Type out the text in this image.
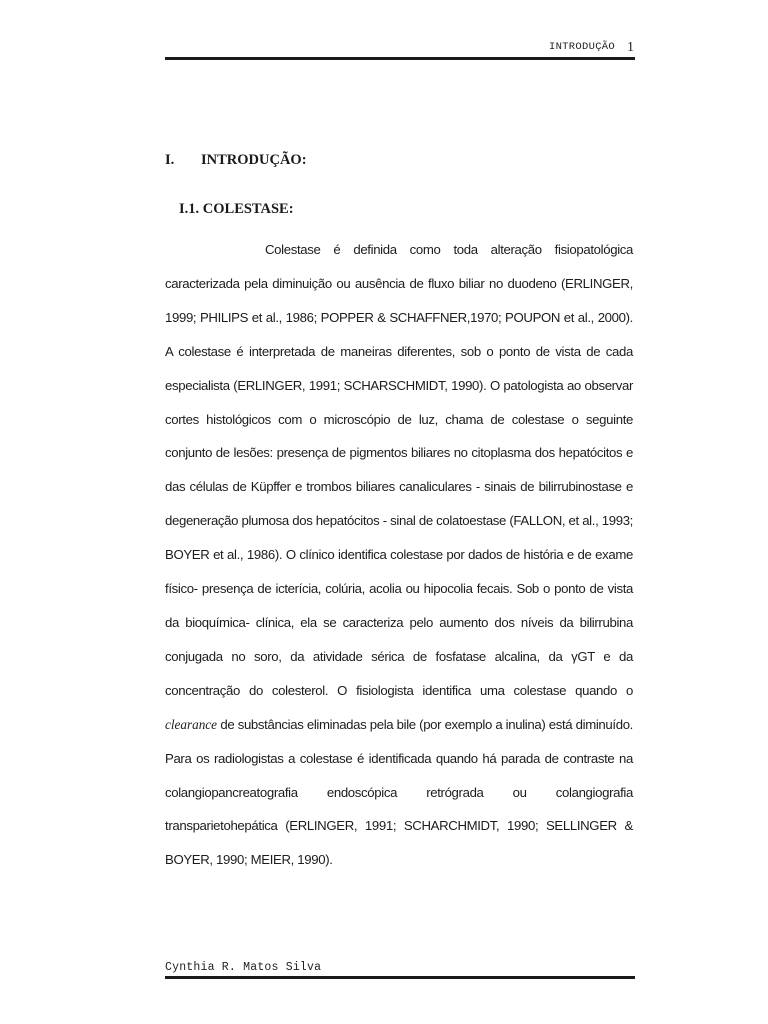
INTRODUÇÃO 1
I. INTRODUÇÃO:
I.1. COLESTASE:

Colestase é definida como toda alteração fisiopatológica caracterizada pela diminuição ou ausência de fluxo biliar no duodeno (ERLINGER, 1999; PHILIPS et al., 1986; POPPER & SCHAFFNER,1970; POUPON et al., 2000). A colestase é interpretada de maneiras diferentes, sob o ponto de vista de cada especialista (ERLINGER, 1991; SCHARSCHMIDT, 1990). O patologista ao observar cortes histológicos com o microscópio de luz, chama de colestase o seguinte conjunto de lesões: presença de pigmentos biliares no citoplasma dos hepatócitos e das células de Küpffer e trombos biliares canaliculares - sinais de bilirrubinostase e degeneração plumosa dos hepatócitos - sinal de colatoestase (FALLON, et al., 1993; BOYER et al., 1986). O clínico identifica colestase por dados de história e de exame físico- presença de icterícia, colúria, acolia ou hipocolia fecais. Sob o ponto de vista da bioquímica- clínica, ela se caracteriza pelo aumento dos níveis da bilirrubina conjugada no soro, da atividade sérica de fosfatase alcalina, da γGT e da concentração do colesterol. O fisiologista identifica uma colestase quando o clearance de substâncias eliminadas pela bile (por exemplo a inulina) está diminuído. Para os radiologistas a colestase é identificada quando há parada de contraste na colangiopancreatografia endoscópica retrógrada ou colangiografia transparietohepática (ERLINGER, 1991; SCHARCHMIDT, 1990; SELLINGER & BOYER, 1990; MEIER, 1990).

Cynthia R. Matos Silva
